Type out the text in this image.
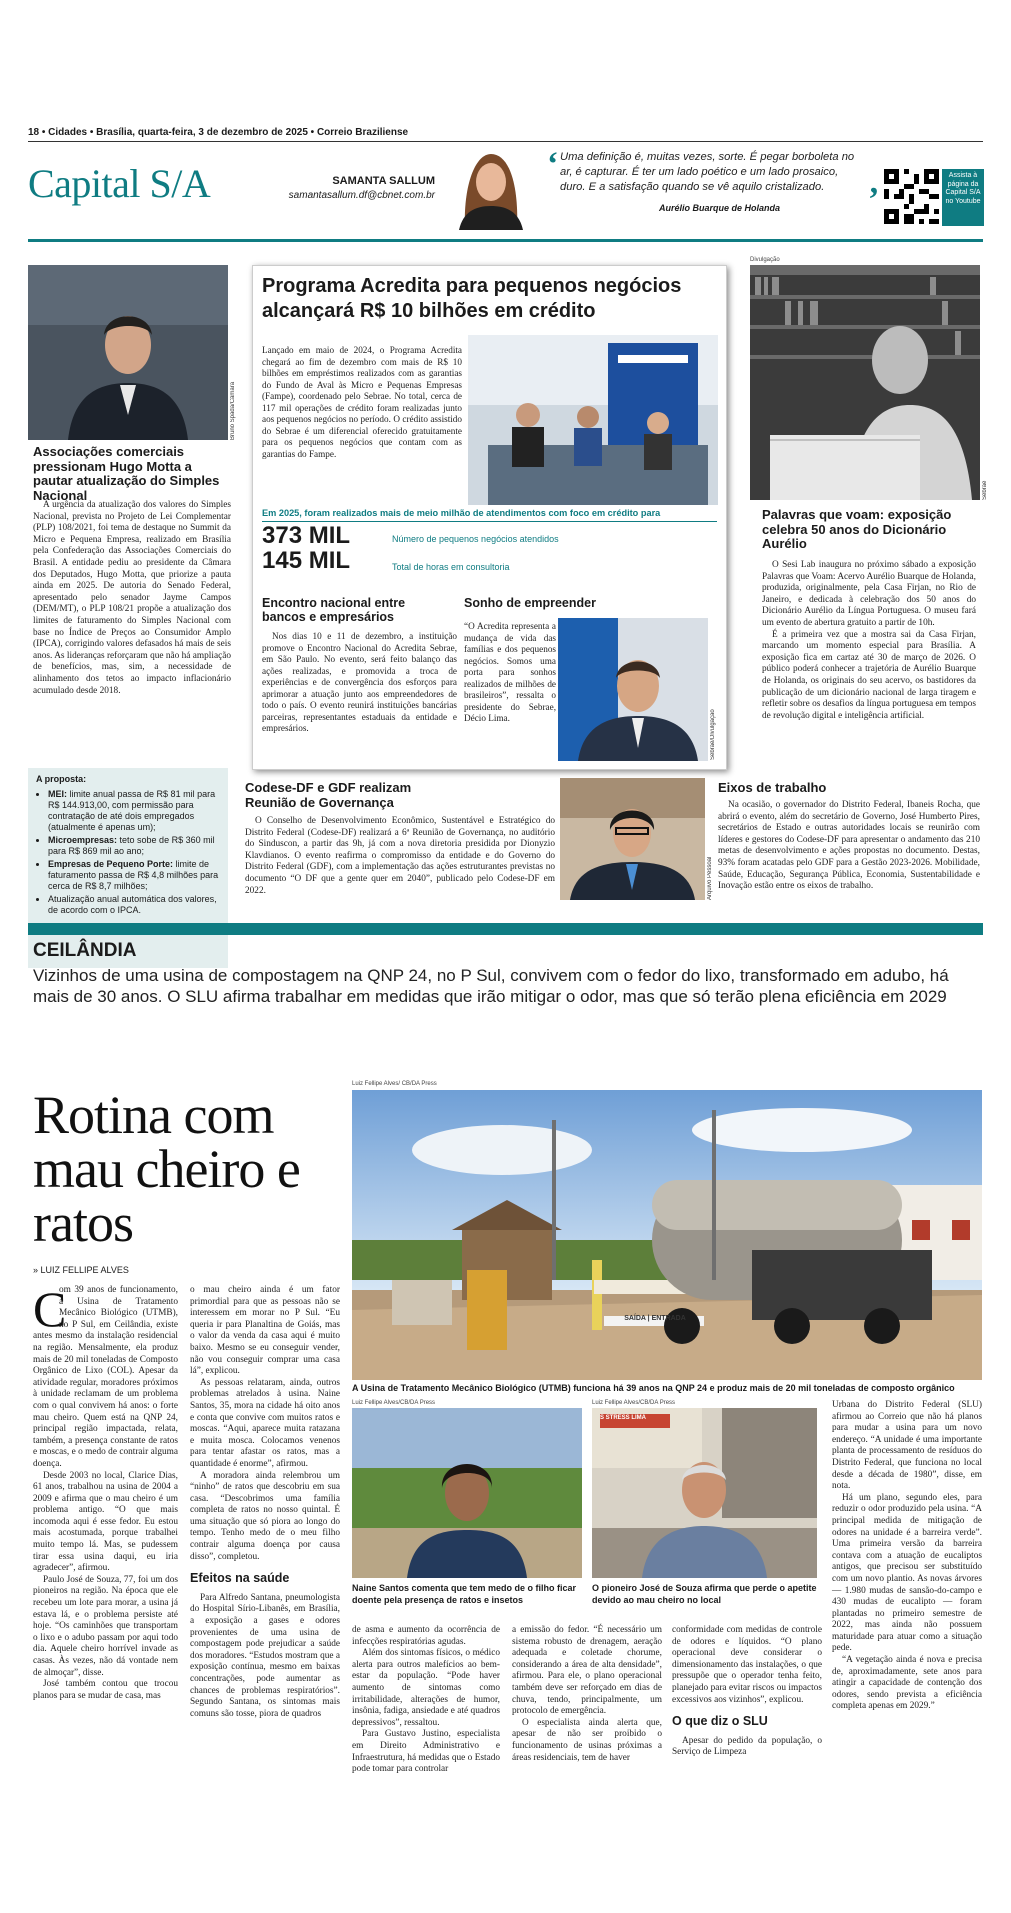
18 • Cidades • Brasília, quarta-feira, 3 de dezembro de 2025 • Correio Braziliense
Capital S/A	SAMANTA SALLUM
samantasallum.df@cbnet.com.br
‘ Uma definição é, muitas vezes, sorte. É pegar borboleta no ar, é capturar. É ter um lado poético e um lado prosaico, duro. E a satisfação quando se vê aquilo cristalizado.
Aurélio Buarque de Holanda	’
Assista à página da Capital S/A no Youtube
Bruno Spada/Câmara
Associações comerciais pressionam Hugo Motta a pautar atualização do Simples Nacional

A urgência da atualização dos valores do Simples Nacional, prevista no Projeto de Lei Complementar (PLP) 108/2021, foi tema de destaque no Summit da Micro e Pequena Empresa, realizado em Brasília pela Confederação das Associações Comerciais do Brasil. A entidade pediu ao presidente da Câmara dos Deputados, Hugo Motta, que priorize a pauta ainda em 2025. De autoria do Senado Federal, apresentado pelo senador Jayme Campos (DEM/MT), o PLP 108/21 propõe a atualização dos limites de faturamento do Simples Nacional com base no Índice de Preços ao Consumidor Amplo (IPCA), corrigindo valores defasados há mais de seis anos. As lideranças reforçaram que não há ampliação de benefícios, mas, sim, a necessidade de alinhamento dos tetos ao impacto inflacionário acumulado desde 2018.

A proposta:
• MEI: limite anual passa de R$ 81 mil para R$ 144.913,00, com permissão para contratação de até dois empregados (atualmente é apenas um);
• Microempresas: teto sobe de R$ 360 mil para R$ 869 mil ao ano;
• Empresas de Pequeno Porte: limite de faturamento passa de R$ 4,8 milhões para cerca de R$ 8,7 milhões;
• Atualização anual automática dos valores, de acordo com o IPCA.
Programa Acredita para pequenos negócios alcançará R$ 10 bilhões em crédito

Lançado em maio de 2024, o Programa Acredita chegará ao fim de dezembro com mais de R$ 10 bilhões em empréstimos realizados com as garantias do Fundo de Aval às Micro e Pequenas Empresas (Fampe), coordenado pelo Sebrae. No total, cerca de 117 mil operações de crédito foram realizadas junto aos pequenos negócios no período. O crédito assistido do Sebrae é um diferencial oferecido gratuitamente para os pequenos negócios que contam com as garantias do Fampe.

Em 2025, foram realizados mais de meio milhão de atendimentos com foco em crédito para
373 MIL	Número de pequenos negócios atendidos
145 MIL	Total de horas em consultoria
Encontro nacional entre bancos e empresários

Nos dias 10 e 11 de dezembro, a instituição promove o Encontro Nacional do Acredita Sebrae, em São Paulo. No evento, será feito balanço das ações realizadas, e promovida a troca de experiências e de convergência dos esforços para aprimorar a atuação junto aos empreendedores de todo o país. O evento reunirá instituições bancárias parceiras, representantes estaduais da entidade e empresários.

Sonho de empreender

“O Acredita representa a mudança de vida das famílias e dos pequenos negócios. Somos uma porta para sonhos realizados de milhões de brasileiros”, ressalta o presidente do Sebrae, Décio Lima.	Sebrae/Divulgação
Divulgação
Sebrae
Palavras que voam: exposição celebra 50 anos do Dicionário Aurélio

O Sesi Lab inaugura no próximo sábado a exposição Palavras que Voam: Acervo Aurélio Buarque de Holanda, produzida, originalmente, pela Casa Firjan, no Rio de Janeiro, e dedicada à celebração dos 50 anos do Dicionário Aurélio da Língua Portuguesa. O museu fará um evento de abertura gratuito a partir de 10h.

É a primeira vez que a mostra sai da Casa Firjan, marcando um momento especial para Brasília. A exposição fica em cartaz até 30 de março de 2026. O público poderá conhecer a trajetória de Aurélio Buarque de Holanda, os originais do seu acervo, os bastidores da publicação de um dicionário nacional de larga tiragem e refletir sobre os desafios da língua portuguesa em tempos de revolução digital e inteligência artificial.

Codese-DF e GDF realizam Reunião de Governança

O Conselho de Desenvolvimento Econômico, Sustentável e Estratégico do Distrito Federal (Codese-DF) realizará a 6ª Reunião de Governança, no auditório do Sinduscon, a partir das 9h, já com a nova diretoria presidida por Dionyzio Klavdianos. O evento reafirma o compromisso da entidade e do Governo do Distrito Federal (GDF), com a implementação das ações estruturantes previstas no documento “O DF que a gente quer em 2040”, publicado pelo Codese-DF em 2022.	Arquivo Pessoal
Eixos de trabalho

Na ocasião, o governador do Distrito Federal, Ibaneis Rocha, que abrirá o evento, além do secretário de Governo, José Humberto Pires, secretários de Estado e outras autoridades locais se reunirão com líderes e gestores do Codese-DF para apresentar o andamento das 210 metas de desenvolvimento e ações propostas no documento. Destas, 93% foram acatadas pelo GDF para a Gestão 2023-2026. Mobilidade, Saúde, Educação, Segurança Pública, Economia, Sustentabilidade e Inovação estão entre os eixos de trabalho.

CEILÂNDIA
Vizinhos de uma usina de compostagem na QNP 24, no P Sul, convivem com o fedor do lixo, transformado em adubo, há mais de 30 anos. O SLU afirma trabalhar em medidas que irão mitigar o odor, mas que só terão plena eficiência em 2029
Rotina com mau cheiro e ratos
» LUIZ FELLIPE ALVES
Luiz Fellipe Alves/ CB/DA Press
SAÍDA | ENTRADA
A Usina de Tratamento Mecânico Biológico (UTMB) funciona há 39 anos na QNP 24 e produz mais de 20 mil toneladas de composto orgânico
C

om 39 anos de funcionamento, a Usina de Tratamento Mecânico Biológico (UTMB), no P Sul, em Ceilândia, existe antes mesmo da instalação residencial na região. Mensalmente, ela produz mais de 20 mil toneladas de Composto Orgânico de Lixo (COL). Apesar da atividade regular, moradores próximos à unidade reclamam de um problema com o qual convivem há anos: o forte mau cheiro. Quem está na QNP 24, principal região impactada, relata, também, a presença constante de ratos e moscas, e o medo de contrair alguma doença.

Desde 2003 no local, Clarice Dias, 61 anos, trabalhou na usina de 2004 a 2009 e afirma que o mau cheiro é um problema antigo. “O que mais incomoda aqui é esse fedor. Eu estou mais acostumada, porque trabalhei muito tempo lá. Mas, se pudessem tirar essa usina daqui, eu iria agradecer”, afirmou.

Paulo José de Souza, 77, foi um dos pioneiros na região. Na época que ele recebeu um lote para morar, a usina já estava lá, e o problema persiste até hoje. “Os caminhões que transportam o lixo e o adubo passam por aqui todo dia. Aquele cheiro horrível invade as casas. Às vezes, não dá vontade nem de almoçar”, disse.

José também contou que trocou planos para se mudar de casa, mas

o mau cheiro ainda é um fator primordial para que as pessoas não se interessem em morar no P Sul. “Eu queria ir para Planaltina de Goiás, mas o valor da venda da casa aqui é muito baixo. Mesmo se eu conseguir vender, não vou conseguir comprar uma casa lá”, explicou.

As pessoas relataram, ainda, outros problemas atrelados à usina. Naine Santos, 35, mora na cidade há oito anos e conta que convive com muitos ratos e moscas. “Aqui, aparece muita ratazana e muita mosca. Colocamos venenos para tentar afastar os ratos, mas a quantidade é enorme”, afirmou.

A moradora ainda relembrou um “ninho” de ratos que descobriu em sua casa. “Descobrimos uma família completa de ratos no nosso quintal. É uma situação que só piora ao longo do tempo. Tenho medo de o meu filho contrair alguma doença por causa disso”, completou.

Efeitos na saúde

Para Alfredo Santana, pneumologista do Hospital Sírio-Libanês, em Brasília, a exposição a gases e odores provenientes de uma usina de compostagem pode prejudicar a saúde dos moradores. “Estudos mostram que a exposição contínua, mesmo em baixas concentrações, pode aumentar as chances de problemas respiratórios”. Segundo Santana, os sintomas mais comuns são tosse, piora de quadros

Luiz Fellipe Alves/CB/DA Press
Naine Santos comenta que tem medo de o filho ficar doente pela presença de ratos e insetos
Luiz Fellipe Alves/CB/DA Press
S STRESS LIMA
O pioneiro José de Souza afirma que perde o apetite devido ao mau cheiro no local

de asma e aumento da ocorrência de infecções respiratórias agudas.

Além dos sintomas físicos, o médico alerta para outros malefícios ao bem-estar da população. “Pode haver aumento de sintomas como irritabilidade, alterações de humor, insônia, fadiga, ansiedade e até quadros depressivos”, ressaltou.

Para Gustavo Justino, especialista em Direito Administrativo e Infraestrutura, há medidas que o Estado pode tomar para controlar

a emissão do fedor. “É necessário um sistema robusto de drenagem, aeração adequada e coletade chorume, considerando a área de alta densidade”, afirmou. Para ele, o plano operacional também deve ser reforçado em dias de chuva, tendo, principalmente, um protocolo de emergência.

O especialista ainda alerta que, apesar de não ser proibido o funcionamento de usinas próximas a áreas residenciais, tem de haver

conformidade com medidas de controle de odores e líquidos. “O plano operacional deve considerar o dimensionamento das instalações, o que pressupõe que o operador tenha feito, planejado para evitar riscos ou impactos excessivos aos vizinhos”, explicou.

O que diz o SLU

Apesar do pedido da população, o Serviço de Limpeza

Urbana do Distrito Federal (SLU) afirmou ao Correio que não há planos para mudar a usina para um novo endereço. “A unidade é uma importante planta de processamento de resíduos do Distrito Federal, que funciona no local desde a década de 1980”, disse, em nota.

Há um plano, segundo eles, para reduzir o odor produzido pela usina. “A principal medida de mitigação de odores na unidade é a barreira verde”. Uma primeira versão da barreira contava com a atuação de eucaliptos antigos, que precisou ser substituído com um novo plantio. As novas árvores — 1.980 mudas de sansão-do-campo e 430 mudas de eucalipto — foram plantadas no primeiro semestre de 2022, mas ainda não possuem maturidade para atuar como a situação pede.

“A vegetação ainda é nova e precisa de, aproximadamente, sete anos para atingir a capacidade de contenção dos odores, sendo prevista a eficiência completa apenas em 2029.”
